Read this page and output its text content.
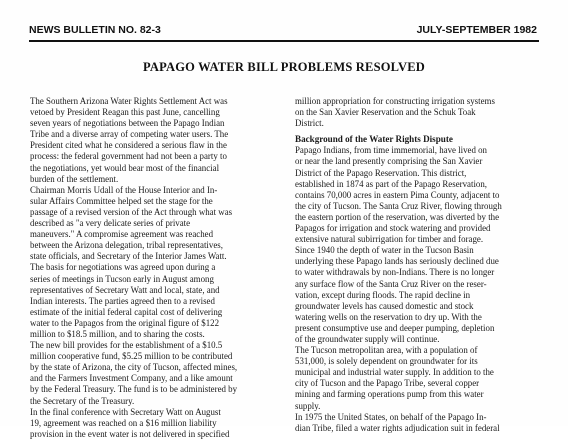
NEWS BULLETIN NO. 82-3	JULY-SEPTEMBER 1982
PAPAGO WATER BILL PROBLEMS RESOLVED
The Southern Arizona Water Rights Settlement Act was
vetoed by President Reagan this past June, cancelling
seven years of negotiations between the Papago Indian
Tribe and a diverse array of competing water users. The
President cited what he considered a serious flaw in the
process: the federal government had not been a party to
the negotiations, yet would bear most of the financial
burden of the settlement.
Chairman Morris Udall of the House Interior and In-
sular Affairs Committee helped set the stage for the
passage of a revised version of the Act through what was
described as "a very delicate series of private
maneuvers." A compromise agreement was reached
between the Arizona delegation, tribal representatives,
state officials, and Secretary of the Interior James Watt.
The basis for negotiations was agreed upon during a
series of meetings in Tucson early in August among
representatives of Secretary Watt and local, state, and
Indian interests. The parties agreed then to a revised
estimate of the initial federal capital cost of delivering
water to the Papagos from the original figure of $122
million to $18.5 million, and to sharing the costs.
The new bill provides for the establishment of a $10.5
million cooperative fund, $5.25 million to be contributed
by the state of Arizona, the city of Tucson, affected mines,
and the Farmers Investment Company, and a like amount
by the Federal Treasury. The fund is to be administered by
the Secretary of the Treasury.
In the final conference with Secretary Watt on August
19, agreement was reached on a $16 million liability
provision in the event water is not delivered in specified
million appropriation for constructing irrigation systems
on the San Xavier Reservation and the Schuk Toak
District.
Background of the Water Rights Dispute
Papago Indians, from time immemorial, have lived on
or near the land presently comprising the San Xavier
District of the Papago Reservation. This district,
established in 1874 as part of the Papago Reservation,
contains 70,000 acres in eastern Pima County, adjacent to
the city of Tucson. The Santa Cruz River, flowing through
the eastern portion of the reservation, was diverted by the
Papagos for irrigation and stock watering and provided
extensive natural subirrigation for timber and forage.
Since 1940 the depth of water in the Tucson Basin
underlying these Papago lands has seriously declined due
to water withdrawals by non-Indians. There is no longer
any surface flow of the Santa Cruz River on the reser-
vation, except during floods. The rapid decline in
groundwater levels has caused domestic and stock
watering wells on the reservation to dry up. With the
present consumptive use and deeper pumping, depletion
of the groundwater supply will continue.
The Tucson metropolitan area, with a population of
531,000, is solely dependent on groundwater for its
municipal and industrial water supply. In addition to the
city of Tucson and the Papago Tribe, several copper
mining and farming operations pump from this water
supply.
In 1975 the United States, on behalf of the Papago In-
dian Tribe, filed a water rights adjudication suit in federal
